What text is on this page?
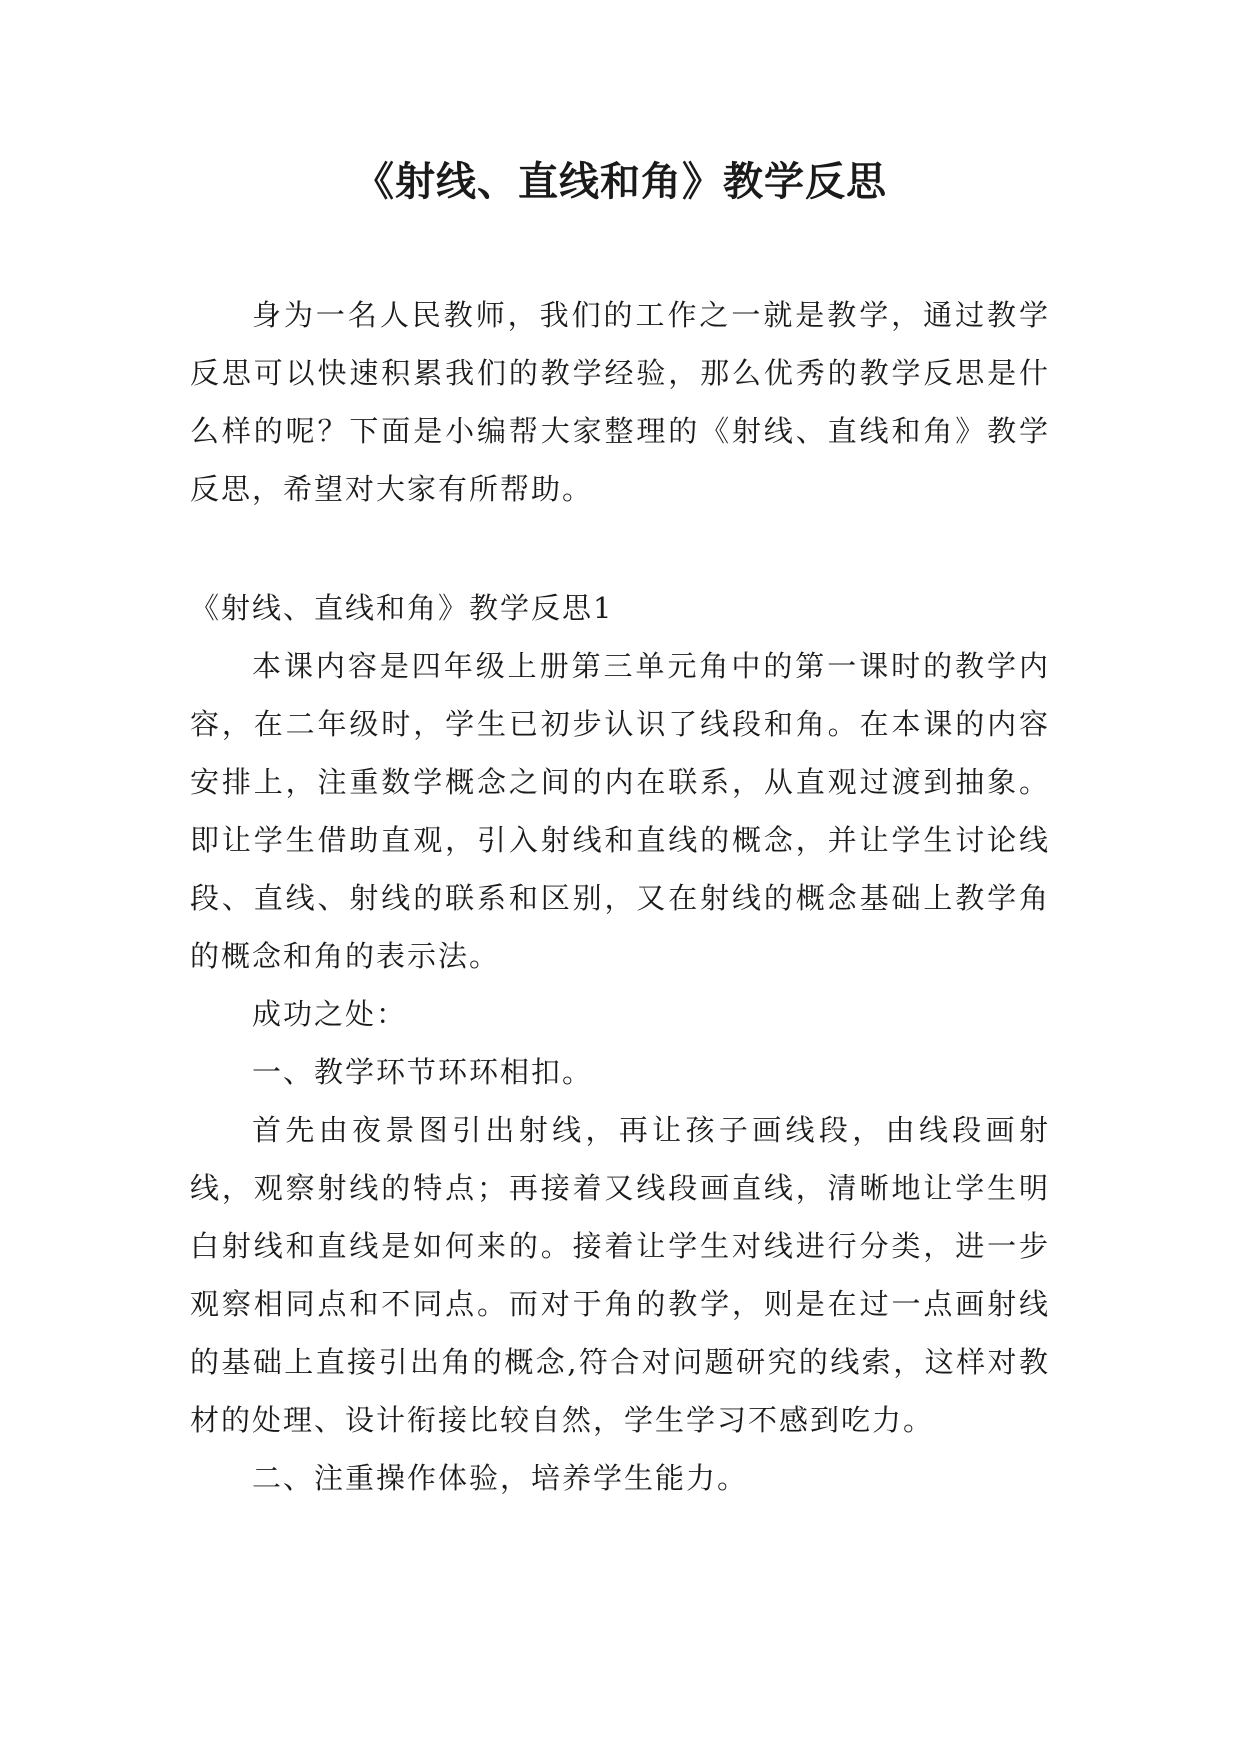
《射线、直线和角》教学反思

身为一名人民教师，我们的工作之一就是教学，通过教学反思可以快速积累我们的教学经验，那么优秀的教学反思是什么样的呢？下面是小编帮大家整理的《射线、直线和角》教学反思，希望对大家有所帮助。

《射线、直线和角》教学反思1

本课内容是四年级上册第三单元角中的第一课时的教学内容，在二年级时，学生已初步认识了线段和角。在本课的内容安排上，注重数学概念之间的内在联系，从直观过渡到抽象。即让学生借助直观，引入射线和直线的概念，并让学生讨论线段、直线、射线的联系和区别，又在射线的概念基础上教学角的概念和角的表示法。

成功之处：

一、教学环节环环相扣。

首先由夜景图引出射线，再让孩子画线段，由线段画射线，观察射线的特点；再接着又线段画直线，清晰地让学生明白射线和直线是如何来的。接着让学生对线进行分类，进一步观察相同点和不同点。而对于角的教学，则是在过一点画射线的基础上直接引出角的概念,符合对问题研究的线索，这样对教材的处理、设计衔接比较自然，学生学习不感到吃力。

二、注重操作体验，培养学生能力。
